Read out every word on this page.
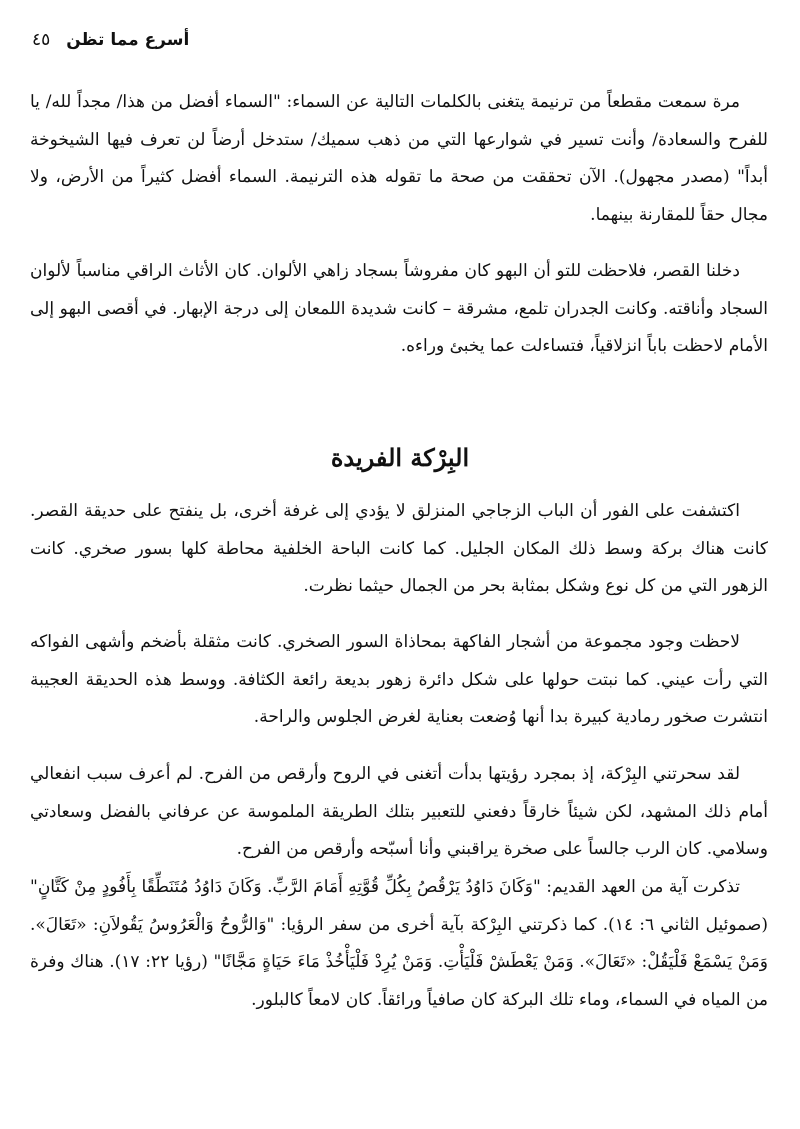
أسرع مما تظن ٤٥

مرة سمعت مقطعاً من ترنيمة يتغنى بالكلمات التالية عن السماء: "السماء أفضل من هذا/ مجداً لله/ يا للفرح والسعادة/ وأنت تسير في شوارعها التي من ذهب سميك/ ستدخل أرضاً لن تعرف فيها الشيخوخة أبداً" (مصدر مجهول). الآن تحققت من صحة ما تقوله هذه الترنيمة. السماء أفضل كثيراً من الأرض، ولا مجال حقاً للمقارنة بينهما.

دخلنا القصر، فلاحظت للتو أن البهو كان مفروشاً بسجاد زاهي الألوان. كان الأثاث الراقي مناسباً لألوان السجاد وأناقته. وكانت الجدران تلمع، مشرقة – كانت شديدة اللمعان إلى درجة الإبهار. في أقصى البهو إلى الأمام لاحظت باباً انزلاقياً، فتساءلت عما يخبئ وراءه.

البِرْكة الفريدة

اكتشفت على الفور أن الباب الزجاجي المنزلق لا يؤدي إلى غرفة أخرى، بل ينفتح على حديقة القصر. كانت هناك بركة وسط ذلك المكان الجليل. كما كانت الباحة الخلفية محاطة كلها بسور صخري. كانت الزهور التي من كل نوع وشكل بمثابة بحر من الجمال حيثما نظرت.

لاحظت وجود مجموعة من أشجار الفاكهة بمحاذاة السور الصخري. كانت مثقلة بأضخم وأشهى الفواكه التي رأت عيني. كما نبتت حولها على شكل دائرة زهور بديعة رائعة الكثافة. ووسط هذه الحديقة العجيبة انتشرت صخور رمادية كبيرة بدا أنها وُضعت بعناية لغرض الجلوس والراحة.

لقد سحرتني البِرْكة، إذ بمجرد رؤيتها بدأت أتغنى في الروح وأرقص من الفرح. لم أعرف سبب انفعالي أمام ذلك المشهد، لكن شيئاً خارقاً دفعني للتعبير بتلك الطريقة الملموسة عن عرفاني بالفضل وسعادتي وسلامي. كان الرب جالساً على صخرة يراقبني وأنا أسبّحه وأرقص من الفرح.

تذكرت آية من العهد القديم: "وَكَانَ دَاوُدُ يَرْقُصُ بِكُلِّ قُوَّتِهِ أَمَامَ الرَّبِّ. وَكَانَ دَاوُدُ مُتَنَطِّقًا بِأَفُودٍ مِنْ كَتَّانٍ" (صموئيل الثاني ٦: ١٤). كما ذكرتني البِرْكة بآية أخرى من سفر الرؤيا: "وَالرُّوحُ وَالْعَرُوسُ يَقُولاَنِ: «تَعَالَ». وَمَنْ يَسْمَعْ فَلْيَقُلْ: «تَعَالَ». وَمَنْ يَعْطَشْ فَلْيَأْتِ. وَمَنْ يُرِدْ فَلْيَأْخُذْ مَاءَ حَيَاةٍ مَجَّانًا" (رؤيا ٢٢: ١٧). هناك وفرة من المياه في السماء، وماء تلك البركة كان صافياً ورائقاً. كان لامعاً كالبلور.
